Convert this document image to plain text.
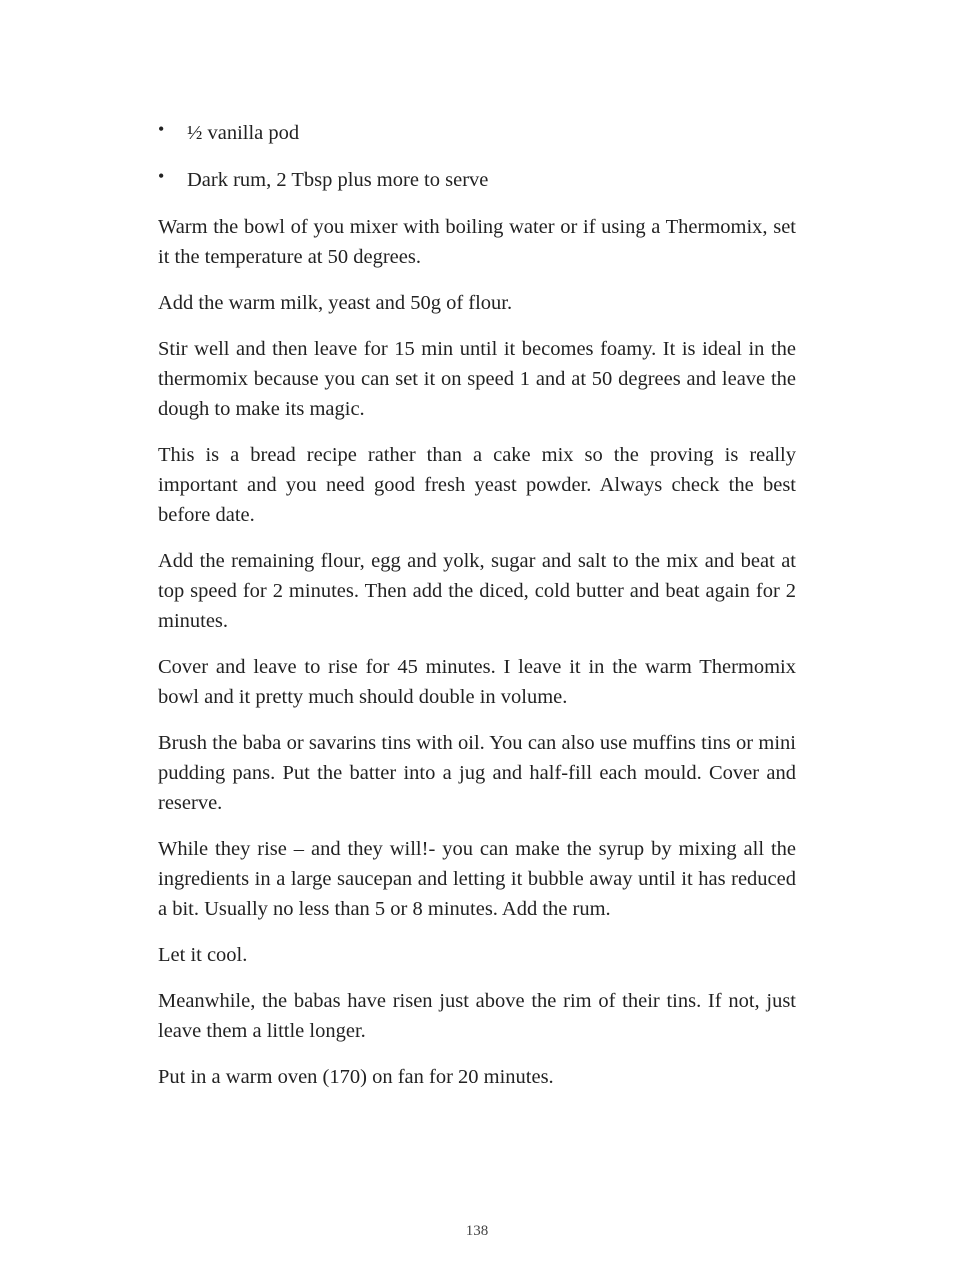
• ½ vanilla pod
• Dark rum, 2 Tbsp plus more to serve

Warm the bowl of you mixer with boiling water or if using a Thermomix, set it the temperature at 50 degrees.

Add the warm milk, yeast and 50g of flour.

Stir well and then leave for 15 min until it becomes foamy. It is ideal in the thermomix because you can set it on speed 1 and at 50 degrees and leave the dough to make its magic.

This is a bread recipe rather than a cake mix so the proving is really important and you need good fresh yeast powder. Always check the best before date.

Add the remaining flour, egg and yolk, sugar and salt to the mix and beat at top speed for 2 minutes. Then add the diced, cold butter and beat again for 2 minutes.

Cover and leave to rise for 45 minutes. I leave it in the warm Thermomix bowl and it pretty much should double in volume.

Brush the baba or savarins tins with oil. You can also use muffins tins or mini pudding pans. Put the batter into a jug and half-fill each mould. Cover and reserve.

While they rise – and they will!- you can make the syrup by mixing all the ingredients in a large saucepan and letting it bubble away until it has reduced a bit. Usually no less than 5 or 8 minutes. Add the rum.

Let it cool.

Meanwhile, the babas have risen just above the rim of their tins. If not, just leave them a little longer.

Put in a warm oven (170) on fan for 20 minutes.

138
